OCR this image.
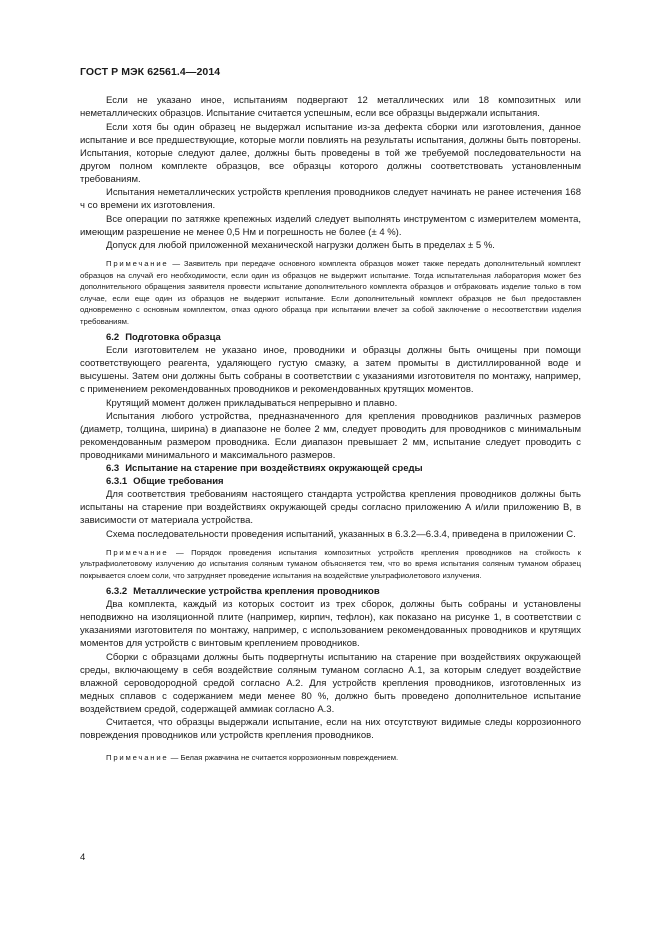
ГОСТ Р МЭК 62561.4—2014

Если не указано иное, испытаниям подвергают 12 металлических или 18 композитных или неметаллических образцов. Испытание считается успешным, если все образцы выдержали испытания.

Если хотя бы один образец не выдержал испытание из-за дефекта сборки или изготовления, данное испытание и все предшествующие, которые могли повлиять на результаты испытания, должны быть повторены. Испытания, которые следуют далее, должны быть проведены в той же требуемой последовательности на другом полном комплекте образцов, все образцы которого должны соответствовать установленным требованиям.

Испытания неметаллических устройств крепления проводников следует начинать не ранее истечения 168 ч со времени их изготовления.

Все операции по затяжке крепежных изделий следует выполнять инструментом с измерителем момента, имеющим разрешение не менее 0,5 Нм и погрешность не более (± 4 %).

Допуск для любой приложенной механической нагрузки должен быть в пределах ± 5 %.

Примечание — Заявитель при передаче основного комплекта образцов может также передать дополнительный комплект образцов на случай его необходимости, если один из образцов не выдержит испытание. Тогда испытательная лаборатория может без дополнительного обращения заявителя провести испытание дополнительного комплекта образцов и отбраковать изделие только в том случае, если еще один из образцов не выдержит испытание. Если дополнительный комплект образцов не был предоставлен одновременно с основным комплектом, отказ одного образца при испытании влечет за собой заключение о несоответствии изделия требованиям.

6.2 Подготовка образца

Если изготовителем не указано иное, проводники и образцы должны быть очищены при помощи соответствующего реагента, удаляющего густую смазку, а затем промыты в дистиллированной воде и высушены. Затем они должны быть собраны в соответствии с указаниями изготовителя по монтажу, например, с применением рекомендованных проводников и рекомендованных крутящих моментов.

Крутящий момент должен прикладываться непрерывно и плавно.

Испытания любого устройства, предназначенного для крепления проводников различных размеров (диаметр, толщина, ширина) в диапазоне не более 2 мм, следует проводить для проводников с минимальным рекомендованным размером проводника. Если диапазон превышает 2 мм, испытание следует проводить с проводниками минимального и максимального размеров.

6.3 Испытание на старение при воздействиях окружающей среды

6.3.1 Общие требования

Для соответствия требованиям настоящего стандарта устройства крепления проводников должны быть испытаны на старение при воздействиях окружающей среды согласно приложению А и/или приложению В, в зависимости от материала устройства.

Схема последовательности проведения испытаний, указанных в 6.3.2—6.3.4, приведена в приложении С.

Примечание — Порядок проведения испытания композитных устройств крепления проводников на стойкость к ультрафиолетовому излучению до испытания соляным туманом объясняется тем, что во время испытания соляным туманом образец покрывается слоем соли, что затрудняет проведение испытания на воздействие ультрафиолетового излучения.

6.3.2 Металлические устройства крепления проводников

Два комплекта, каждый из которых состоит из трех сборок, должны быть собраны и установлены неподвижно на изоляционной плите (например, кирпич, тефлон), как показано на рисунке 1, в соответствии с указаниями изготовителя по монтажу, например, с использованием рекомендованных проводников и крутящих моментов для устройств с винтовым креплением проводников.

Сборки с образцами должны быть подвергнуты испытанию на старение при воздействиях окружающей среды, включающему в себя воздействие соляным туманом согласно А.1, за которым следует воздействие влажной сероводородной средой согласно А.2. Для устройств крепления проводников, изготовленных из медных сплавов с содержанием меди менее 80 %, должно быть проведено дополнительное испытание воздействием средой, содержащей аммиак согласно А.3.

Считается, что образцы выдержали испытание, если на них отсутствуют видимые следы коррозионного повреждения проводников или устройств крепления проводников.

Примечание — Белая ржавчина не считается коррозионным повреждением.

4
